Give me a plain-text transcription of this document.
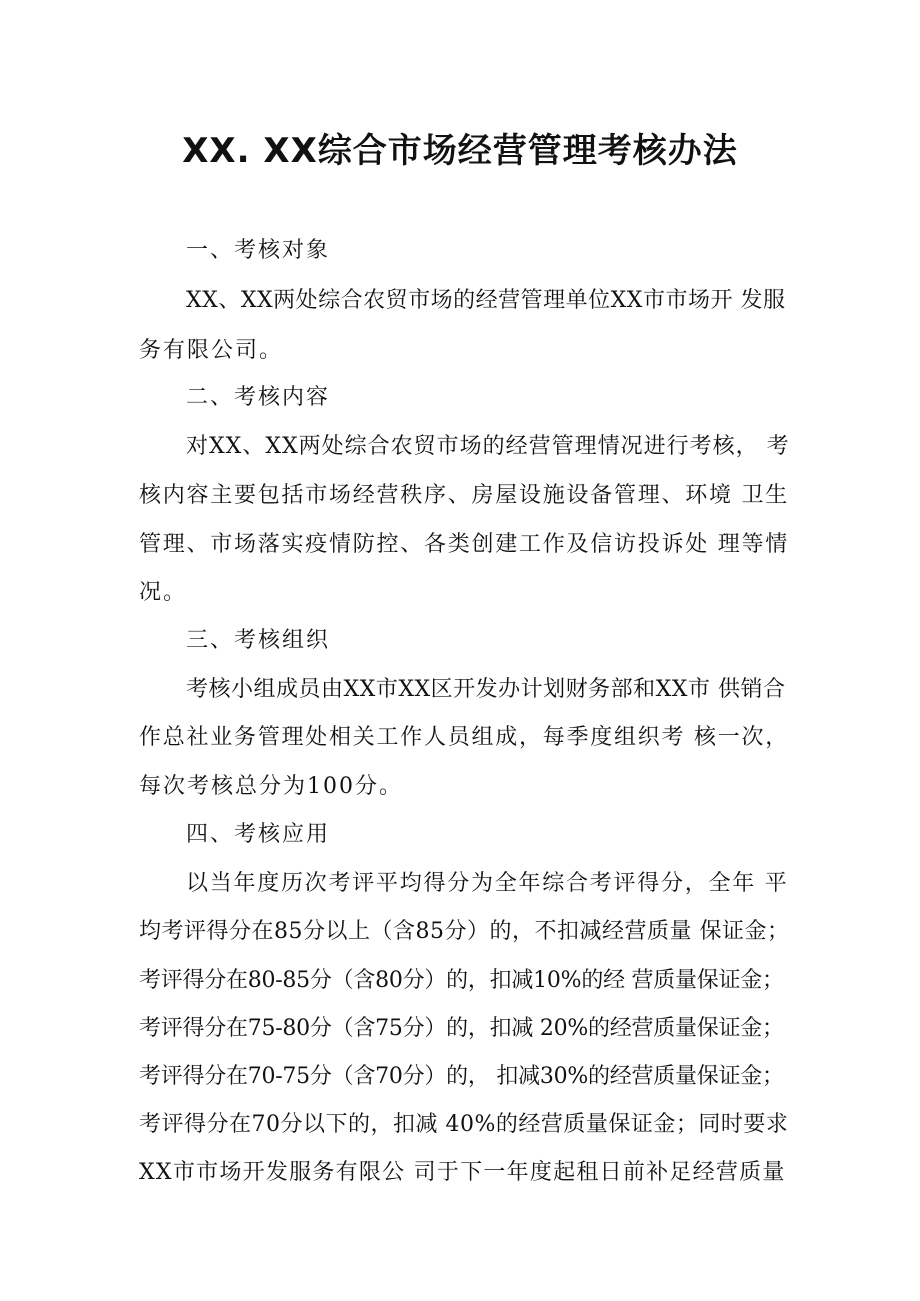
XX. XX综合市场经营管理考核办法

一、考核对象

XX、XX两处综合农贸市场的经营管理单位XX市市场开 发服

务有限公司。

二、考核内容

对XX、XX两处综合农贸市场的经营管理情况进行考核， 考

核内容主要包括市场经营秩序、房屋设施设备管理、环境 卫生

管理、市场落实疫情防控、各类创建工作及信访投诉处 理等情

况。

三、考核组织

考核小组成员由XX市XX区开发办计划财务部和XX市 供销合

作总社业务管理处相关工作人员组成，每季度组织考 核一次，

每次考核总分为100分。

四、考核应用

以当年度历次考评平均得分为全年综合考评得分，全年 平

均考评得分在85分以上（含85分）的，不扣减经营质量 保证金；

考评得分在80-85分（含80分）的，扣减10%的经 营质量保证金；

考评得分在75-80分（含75分）的，扣减 20%的经营质量保证金；

考评得分在70-75分（含70分）的， 扣减30%的经营质量保证金；

考评得分在70分以下的，扣减 40%的经营质量保证金；同时要求

XX市市场开发服务有限公 司于下一年度起租日前补足经营质量
